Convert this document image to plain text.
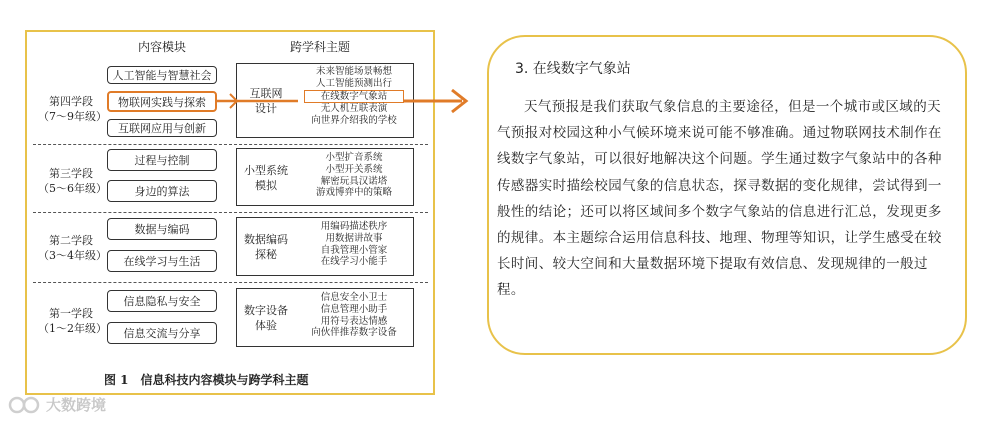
内容模块	跨学科主题
第四学段
（7～9年级）
人工智能与智慧社会
物联网实践与探索
互联网应用与创新
互联网
设计
未来智能场景畅想
人工智能预测出行
在线数字气象站
无人机互联表演
向世界介绍我的学校
第三学段
（5～6年级）
过程与控制
身边的算法
小型系统
模拟
小型扩音系统
小型开关系统
解密玩具汉诺塔
游戏博弈中的策略
第二学段
（3～4年级）
数据与编码
在线学习与生活
数据编码
探秘
用编码描述秩序
用数据讲故事
自我管理小管家
在线学习小能手
第一学段
（1～2年级）
信息隐私与安全
信息交流与分享
数字设备
体验
信息安全小卫士
信息管理小助手
用符号表达情感
向伙伴推荐数字设备
图 1　信息科技内容模块与跨学科主题
3. 在线数字气象站
天气预报是我们获取气象信息的主要途径，但是一个城市或区域的天气预报对校园这种小气候环境来说可能不够准确。通过物联网技术制作在线数字气象站，可以很好地解决这个问题。学生通过数字气象站中的各种传感器实时描绘校园气象的信息状态，探寻数据的变化规律，尝试得到一般性的结论；还可以将区域间多个数字气象站的信息进行汇总，发现更多的规律。本主题综合运用信息科技、地理、物理等知识，让学生感受在较长时间、较大空间和大量数据环境下提取有效信息、发现规律的一般过程。
大数跨境
